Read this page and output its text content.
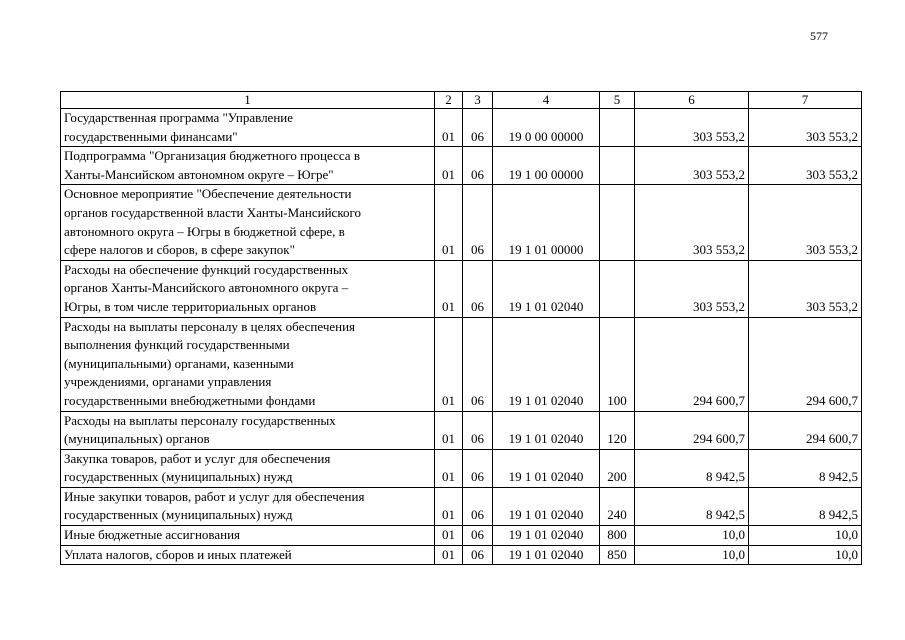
577
1	2	3	4	5	6	7
Государственная программа "Управление
государственными финансами"	01	06	19 0 00 00000		303 553,2	303 553,2
Подпрограмма "Организация бюджетного процесса в
Ханты-Мансийском автономном округе – Югре"	01	06	19 1 00 00000		303 553,2	303 553,2
Основное мероприятие "Обеспечение деятельности
органов государственной власти Ханты-Мансийского
автономного округа – Югры в бюджетной сфере, в
сфере налогов и сборов, в сфере закупок"	01	06	19 1 01 00000		303 553,2	303 553,2
Расходы на обеспечение функций государственных
органов Ханты-Мансийского автономного округа –
Югры, в том числе территориальных органов	01	06	19 1 01 02040		303 553,2	303 553,2
Расходы на выплаты персоналу в целях обеспечения
выполнения функций государственными
(муниципальными) органами, казенными
учреждениями, органами управления
государственными внебюджетными фондами	01	06	19 1 01 02040	100	294 600,7	294 600,7
Расходы на выплаты персоналу государственных
(муниципальных) органов	01	06	19 1 01 02040	120	294 600,7	294 600,7
Закупка товаров, работ и услуг для обеспечения
государственных (муниципальных) нужд	01	06	19 1 01 02040	200	8 942,5	8 942,5
Иные закупки товаров, работ и услуг для обеспечения
государственных (муниципальных) нужд	01	06	19 1 01 02040	240	8 942,5	8 942,5
Иные бюджетные ассигнования	01	06	19 1 01 02040	800	10,0	10,0
Уплата налогов, сборов и иных платежей	01	06	19 1 01 02040	850	10,0	10,0
